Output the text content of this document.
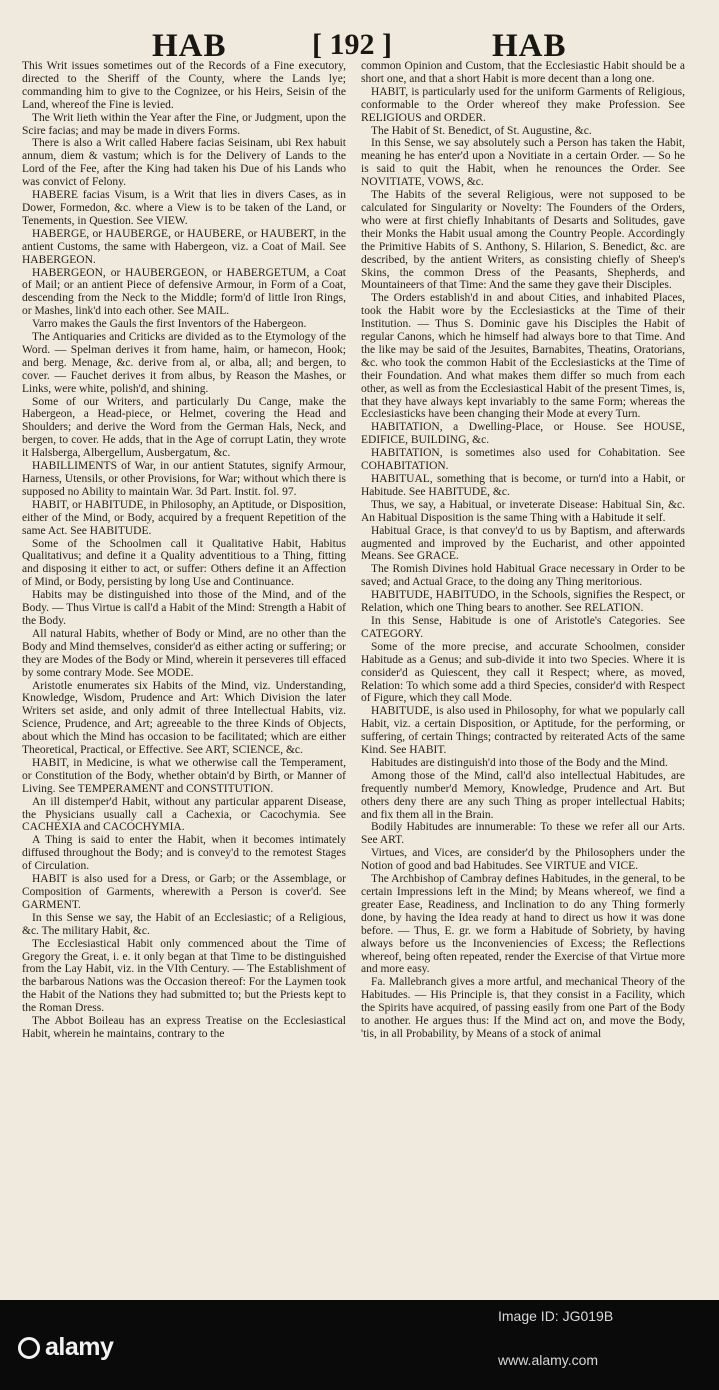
HAB	[ 192 ]	HAB

This Writ issues sometimes out of the Records of a Fine executory, directed to the Sheriff of the County, where the Lands lye; commanding him to give to the Cognizee, or his Heirs, Seisin of the Land, whereof the Fine is levied.

The Writ lieth within the Year after the Fine, or Judgment, upon the Scire facias; and may be made in divers Forms.

There is also a Writ called Habere facias Seisinam, ubi Rex habuit annum, diem & vastum; which is for the Delivery of Lands to the Lord of the Fee, after the King had taken his Due of his Lands who was convict of Felony.

HABERE facias Visum, is a Writ that lies in divers Cases, as in Dower, Formedon, &c. where a View is to be taken of the Land, or Tenements, in Question. See VIEW.

HABERGE, or HAUBERGE, or HAUBERE, or HAUBERT, in the antient Customs, the same with Habergeon, viz. a Coat of Mail. See HABERGEON.

HABERGEON, or HAUBERGEON, or HABERGETUM, a Coat of Mail; or an antient Piece of defensive Armour, in Form of a Coat, descending from the Neck to the Middle; form'd of little Iron Rings, or Mashes, link'd into each other. See MAIL.

Varro makes the Gauls the first Inventors of the Habergeon.

The Antiquaries and Criticks are divided as to the Etymology of the Word. — Spelman derives it from hame, haim, or hamecon, Hook; and berg. Menage, &c. derive from al, or alba, all; and bergen, to cover. — Fauchet derives it from albus, by Reason the Mashes, or Links, were white, polish'd, and shining.

Some of our Writers, and particularly Du Cange, make the Habergeon, a Head-piece, or Helmet, covering the Head and Shoulders; and derive the Word from the German Hals, Neck, and bergen, to cover. He adds, that in the Age of corrupt Latin, they wrote it Halsberga, Albergellum, Ausbergatum, &c.

HABILLIMENTS of War, in our antient Statutes, signify Armour, Harness, Utensils, or other Provisions, for War; without which there is supposed no Ability to maintain War. 3d Part. Instit. fol. 97.

HABIT, or HABITUDE, in Philosophy, an Aptitude, or Disposition, either of the Mind, or Body, acquired by a frequent Repetition of the same Act. See HABITUDE.

Some of the Schoolmen call it Qualitative Habit, Habitus Qualitativus; and define it a Quality adventitious to a Thing, fitting and disposing it either to act, or suffer: Others define it an Affection of Mind, or Body, persisting by long Use and Continuance.

Habits may be distinguished into those of the Mind, and of the Body. — Thus Virtue is call'd a Habit of the Mind: Strength a Habit of the Body.

All natural Habits, whether of Body or Mind, are no other than the Body and Mind themselves, consider'd as either acting or suffering; or they are Modes of the Body or Mind, wherein it perseveres till effaced by some contrary Mode. See MODE.

Aristotle enumerates six Habits of the Mind, viz. Understanding, Knowledge, Wisdom, Prudence and Art: Which Division the later Writers set aside, and only admit of three Intellectual Habits, viz. Science, Prudence, and Art; agreeable to the three Kinds of Objects, about which the Mind has occasion to be facilitated; which are either Theoretical, Practical, or Effective. See ART, SCIENCE, &c.

HABIT, in Medicine, is what we otherwise call the Temperament, or Constitution of the Body, whether obtain'd by Birth, or Manner of Living. See TEMPERAMENT and CONSTITUTION.

An ill distemper'd Habit, without any particular apparent Disease, the Physicians usually call a Cachexia, or Cacochymia. See CACHEXIA and CACOCHYMIA.

A Thing is said to enter the Habit, when it becomes intimately diffused throughout the Body; and is convey'd to the remotest Stages of Circulation.

HABIT is also used for a Dress, or Garb; or the Assemblage, or Composition of Garments, wherewith a Person is cover'd. See GARMENT.

In this Sense we say, the Habit of an Ecclesiastic; of a Religious, &c. The military Habit, &c.

The Ecclesiastical Habit only commenced about the Time of Gregory the Great, i. e. it only began at that Time to be distinguished from the Lay Habit, viz. in the VIth Century. — The Establishment of the barbarous Nations was the Occasion thereof: For the Laymen took the Habit of the Nations they had submitted to; but the Priests kept to the Roman Dress.

The Abbot Boileau has an express Treatise on the Ecclesiastical Habit, wherein he maintains, contrary to the

common Opinion and Custom, that the Ecclesiastic Habit should be a short one, and that a short Habit is more decent than a long one.

HABIT, is particularly used for the uniform Garments of Religious, conformable to the Order whereof they make Profession. See RELIGIOUS and ORDER.

The Habit of St. Benedict, of St. Augustine, &c.

In this Sense, we say absolutely such a Person has taken the Habit, meaning he has enter'd upon a Novitiate in a certain Order. — So he is said to quit the Habit, when he renounces the Order. See NOVITIATE, VOWS, &c.

The Habits of the several Religious, were not supposed to be calculated for Singularity or Novelty: The Founders of the Orders, who were at first chiefly Inhabitants of Desarts and Solitudes, gave their Monks the Habit usual among the Country People. Accordingly the Primitive Habits of S. Anthony, S. Hilarion, S. Benedict, &c. are described, by the antient Writers, as consisting chiefly of Sheep's Skins, the common Dress of the Peasants, Shepherds, and Mountaineers of that Time: And the same they gave their Disciples.

The Orders establish'd in and about Cities, and inhabited Places, took the Habit wore by the Ecclesiasticks at the Time of their Institution. — Thus S. Dominic gave his Disciples the Habit of regular Canons, which he himself had always bore to that Time. And the like may be said of the Jesuites, Barnabites, Theatins, Oratorians, &c. who took the common Habit of the Ecclesiasticks at the Time of their Foundation. And what makes them differ so much from each other, as well as from the Ecclesiastical Habit of the present Times, is, that they have always kept invariably to the same Form; whereas the Ecclesiasticks have been changing their Mode at every Turn.

HABITATION, a Dwelling-Place, or House. See HOUSE, EDIFICE, BUILDING, &c.

HABITATION, is sometimes also used for Cohabitation. See COHABITATION.

HABITUAL, something that is become, or turn'd into a Habit, or Habitude. See HABITUDE, &c.

Thus, we say, a Habitual, or inveterate Disease: Habitual Sin, &c. An Habitual Disposition is the same Thing with a Habitude it self.

Habitual Grace, is that convey'd to us by Baptism, and afterwards augmented and improved by the Eucharist, and other appointed Means. See GRACE.

The Romish Divines hold Habitual Grace necessary in Order to be saved; and Actual Grace, to the doing any Thing meritorious.

HABITUDE, HABITUDO, in the Schools, signifies the Respect, or Relation, which one Thing bears to another. See RELATION.

In this Sense, Habitude is one of Aristotle's Categories. See CATEGORY.

Some of the more precise, and accurate Schoolmen, consider Habitude as a Genus; and sub-divide it into two Species. Where it is consider'd as Quiescent, they call it Respect; where, as moved, Relation: To which some add a third Species, consider'd with Respect of Figure, which they call Mode.

HABITUDE, is also used in Philosophy, for what we popularly call Habit, viz. a certain Disposition, or Aptitude, for the performing, or suffering, of certain Things; contracted by reiterated Acts of the same Kind. See HABIT.

Habitudes are distinguish'd into those of the Body and the Mind.

Among those of the Mind, call'd also intellectual Habitudes, are frequently number'd Memory, Knowledge, Prudence and Art. But others deny there are any such Thing as proper intellectual Habits; and fix them all in the Brain.

Bodily Habitudes are innumerable: To these we refer all our Arts. See ART.

Virtues, and Vices, are consider'd by the Philosophers under the Notion of good and bad Habitudes. See VIRTUE and VICE.

The Archbishop of Cambray defines Habitudes, in the general, to be certain Impressions left in the Mind; by Means whereof, we find a greater Ease, Readiness, and Inclination to do any Thing formerly done, by having the Idea ready at hand to direct us how it was done before. — Thus, E. gr. we form a Habitude of Sobriety, by having always before us the Inconveniencies of Excess; the Reflections whereof, being often repeated, render the Exercise of that Virtue more and more easy.

Fa. Mallebranch gives a more artful, and mechanical Theory of the Habitudes. — His Principle is, that they consist in a Facility, which the Spirits have acquired, of passing easily from one Part of the Body to another. He argues thus: If the Mind act on, and move the Body, 'tis, in all Probability, by Means of a stock of animal

alamy
Image ID: JG019B
www.alamy.com
